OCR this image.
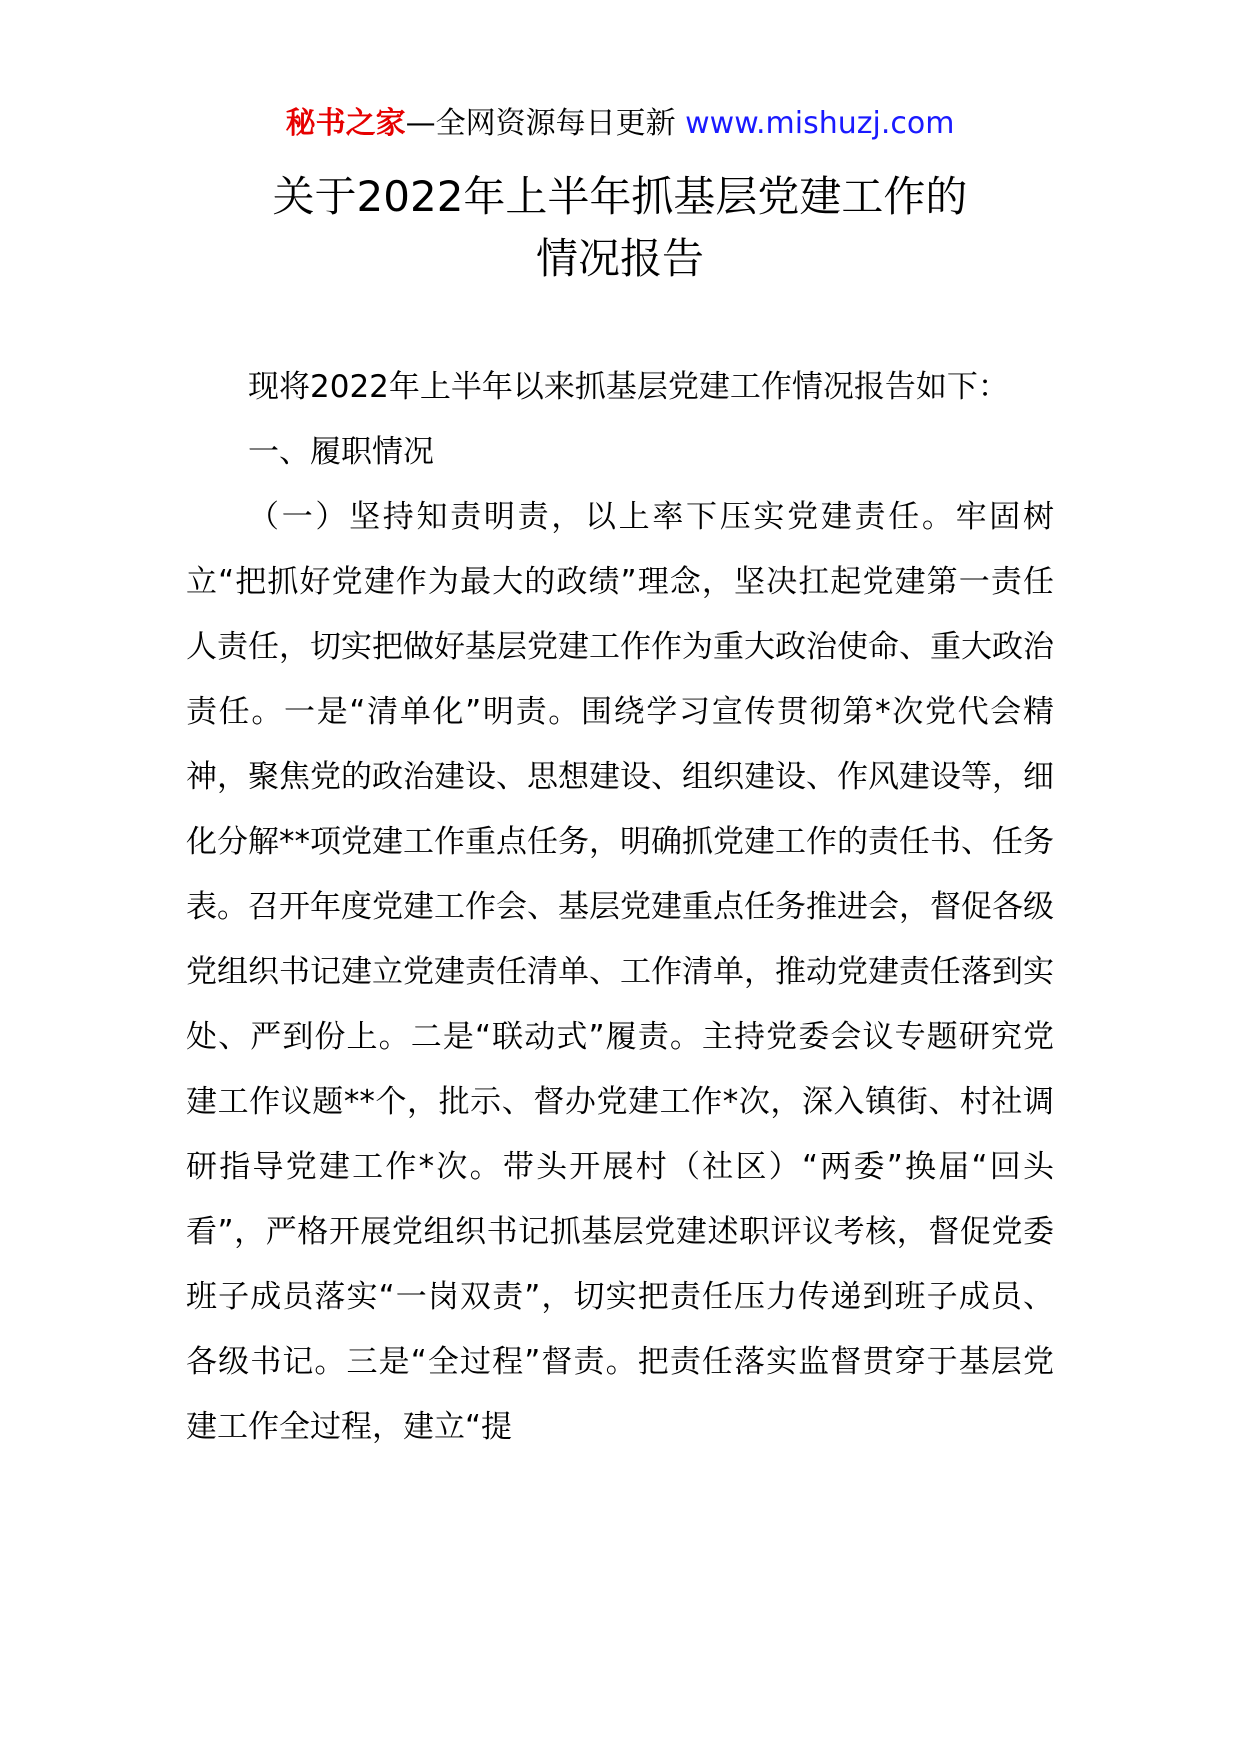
秘书之家—全网资源每日更新 www.mishuzj.com
关于2022年上半年抓基层党建工作的
情况报告

现将2022年上半年以来抓基层党建工作情况报告如下：

一、履职情况

（一）坚持知责明责，以上率下压实党建责任。牢固树立“把抓好党建作为最大的政绩”理念，坚决扛起党建第一责任人责任，切实把做好基层党建工作作为重大政治使命、重大政治责任。一是“清单化”明责。围绕学习宣传贯彻第*次党代会精神，聚焦党的政治建设、思想建设、组织建设、作风建设等，细化分解**项党建工作重点任务，明确抓党建工作的责任书、任务表。召开年度党建工作会、基层党建重点任务推进会，督促各级党组织书记建立党建责任清单、工作清单，推动党建责任落到实处、严到份上。二是“联动式”履责。主持党委会议专题研究党建工作议题**个，批示、督办党建工作*次，深入镇街、村社调研指导党建工作*次。带头开展村（社区）“两委”换届“回头看”，严格开展党组织书记抓基层党建述职评议考核，督促党委班子成员落实“一岗双责”，切实把责任压力传递到班子成员、各级书记。三是“全过程”督责。把责任落实监督贯穿于基层党建工作全过程，建立“提
